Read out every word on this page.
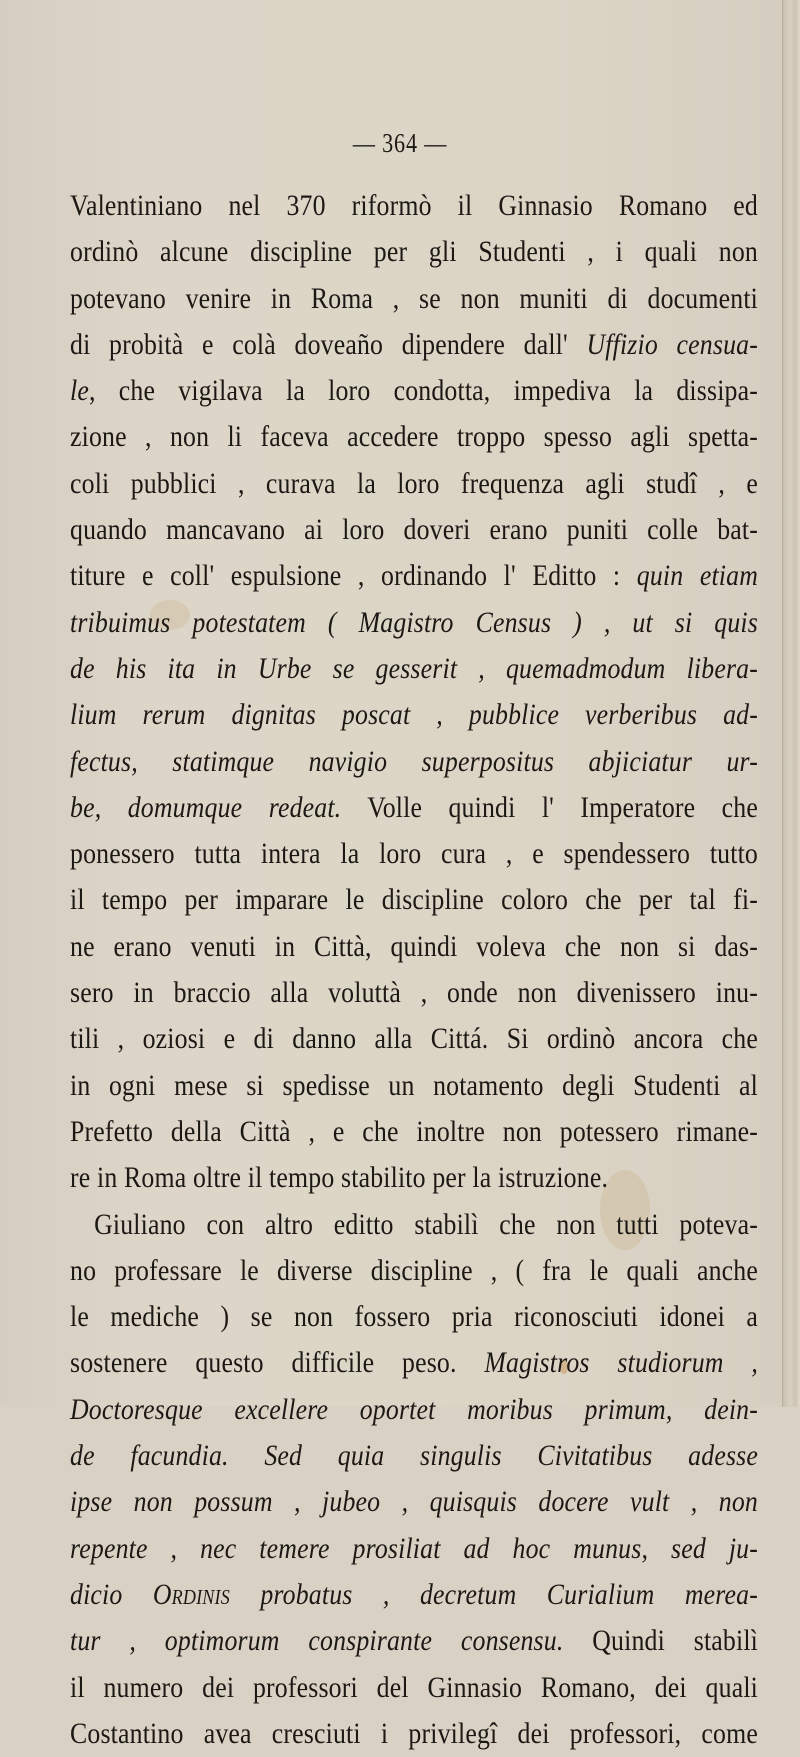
— 364 —
Valentiniano nel 370 riformò il Ginnasio Romano ed
ordinò alcune discipline per gli Studenti , i quali non
potevano venire in Roma , se non muniti di documenti
di probità e colà doveaño dipendere dall' Uffizio censua-
le, che vigilava la loro condotta, impediva la dissipa-
zione , non li faceva accedere troppo spesso agli spetta-
coli pubblici , curava la loro frequenza agli studî , e
quando mancavano ai loro doveri erano puniti colle bat-
titure e coll' espulsione , ordinando l' Editto : quin etiam
tribuimus potestatem ( Magistro Census ) , ut si quis
de his ita in Urbe se gesserit , quemadmodum libera-
lium rerum dignitas poscat , pubblice verberibus ad-
fectus, statimque navigio superpositus abjiciatur ur-
be, domumque redeat. Volle quindi l' Imperatore che
ponessero tutta intera la loro cura , e spendessero tutto
il tempo per imparare le discipline coloro che per tal fi-
ne erano venuti in Città, quindi voleva che non si das-
sero in braccio alla voluttà , onde non divenissero inu-
tili , oziosi e di danno alla Cittá. Si ordinò ancora che
in ogni mese si spedisse un notamento degli Studenti al
Prefetto della Città , e che inoltre non potessero rimane-
re in Roma oltre il tempo stabilito per la istruzione.
Giuliano con altro editto stabilì che non tutti poteva-
no professare le diverse discipline , ( fra le quali anche
le mediche ) se non fossero pria riconosciuti idonei a
sostenere questo difficile peso. Magistros studiorum ,
Doctoresque excellere oportet moribus primum, dein-
de facundia. Sed quia singulis Civitatibus adesse
ipse non possum , jubeo , quisquis docere vult , non
repente , nec temere prosiliat ad hoc munus, sed ju-
dicio Ordinis probatus , decretum Curialium merea-
tur , optimorum conspirante consensu. Quindi stabilì
il numero dei professori del Ginnasio Romano, dei quali
Costantino avea cresciuti i privilegî dei professori, come
